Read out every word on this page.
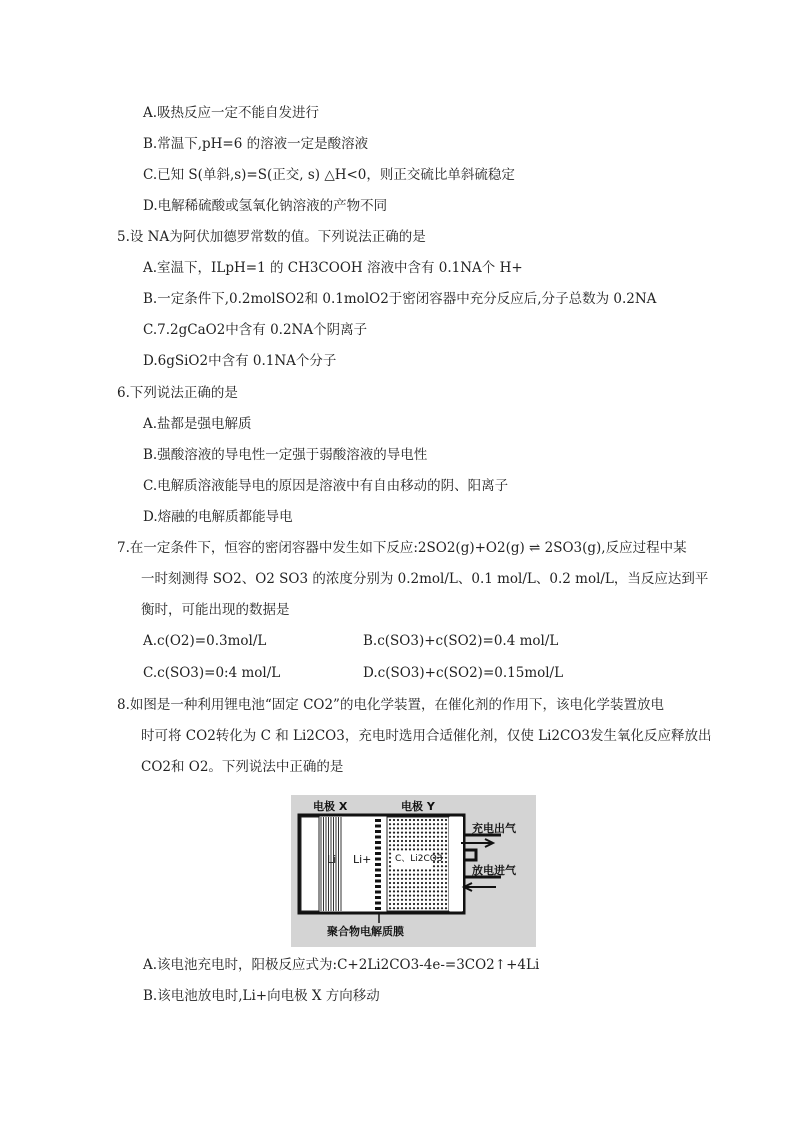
A.吸热反应一定不能自发进行
B.常温下,pH=6 的溶液一定是酸溶液
C.已知 S(单斜,s)=S(正交, s) △H<0，则正交硫比单斜硫稳定
D.电解稀硫酸或氢氧化钠溶液的产物不同
5.设 NA为阿伏加德罗常数的值。下列说法正确的是
A.室温下，ILpH=1 的 CH3COOH 溶液中含有 0.1NA个 H+
B.一定条件下,0.2molSO2和 0.1molO2于密闭容器中充分反应后,分子总数为 0.2NA
C.7.2gCaO2中含有 0.2NA个阴离子
D.6gSiO2中含有 0.1NA个分子
6.下列说法正确的是
A.盐都是强电解质
B.强酸溶液的导电性一定强于弱酸溶液的导电性
C.电解质溶液能导电的原因是溶液中有自由移动的阴、阳离子
D.熔融的电解质都能导电
7.在一定条件下，恒容的密闭容器中发生如下反应:2SO2(g)+O2(g) ⇌ 2SO3(g),反应过程中某
一时刻测得 SO2、O2 SO3 的浓度分别为 0.2mol/L、0.1 mol/L、0.2 mol/L，当反应达到平
衡时，可能出现的数据是
A.c(O2)=0.3mol/L	B.c(SO3)+c(SO2)=0.4 mol/L
C.c(SO3)=0:4 mol/L	D.c(SO3)+c(SO2)=0.15mol/L
8.如图是一种利用锂电池“固定 CO2”的电化学装置，在催化剂的作用下，该电化学装置放电
时可将 CO2转化为 C 和 Li2CO3，充电时选用合适催化剂，仅使 Li2CO3发生氧化反应释放出
CO2和 O2。下列说法中正确的是
电极 X	电极 Y
Li Li+	C、Li2CO3
充电出气
放电进气
聚合物电解质膜
A.该电池充电时，阳极反应式为:C+2Li2CO3-4e-=3CO2↑+4Li
B.该电池放电时,Li+向电极 X 方向移动
